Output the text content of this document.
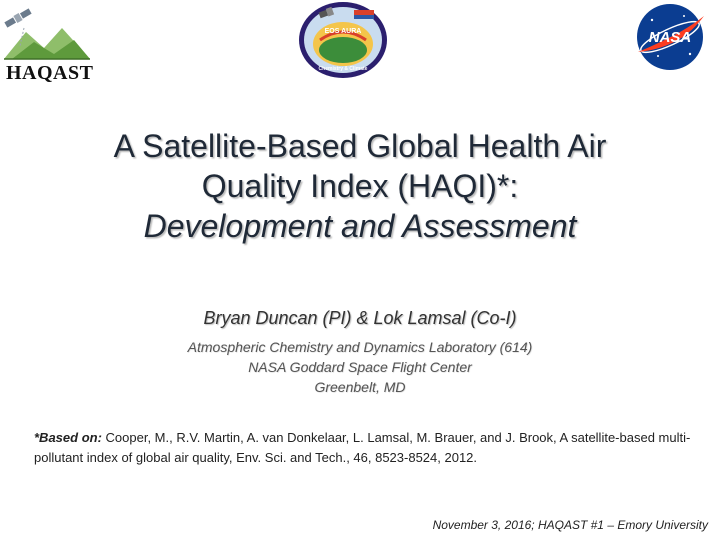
HAQAST
EOS AURA
Chemistry & Climate
NASA
A Satellite-Based Global Health Air
Quality Index (HAQI)*:
Development and Assessment
Bryan Duncan (PI) & Lok Lamsal (Co-I)
Atmospheric Chemistry and Dynamics Laboratory (614)
NASA Goddard Space Flight Center
Greenbelt, MD
*Based on: Cooper, M., R.V. Martin, A. van Donkelaar, L. Lamsal, M. Brauer, and J. Brook, A satellite-based multi-pollutant index of global air quality, Env. Sci. and Tech., 46, 8523-8524, 2012.
November 3, 2016; HAQAST #1 – Emory University
